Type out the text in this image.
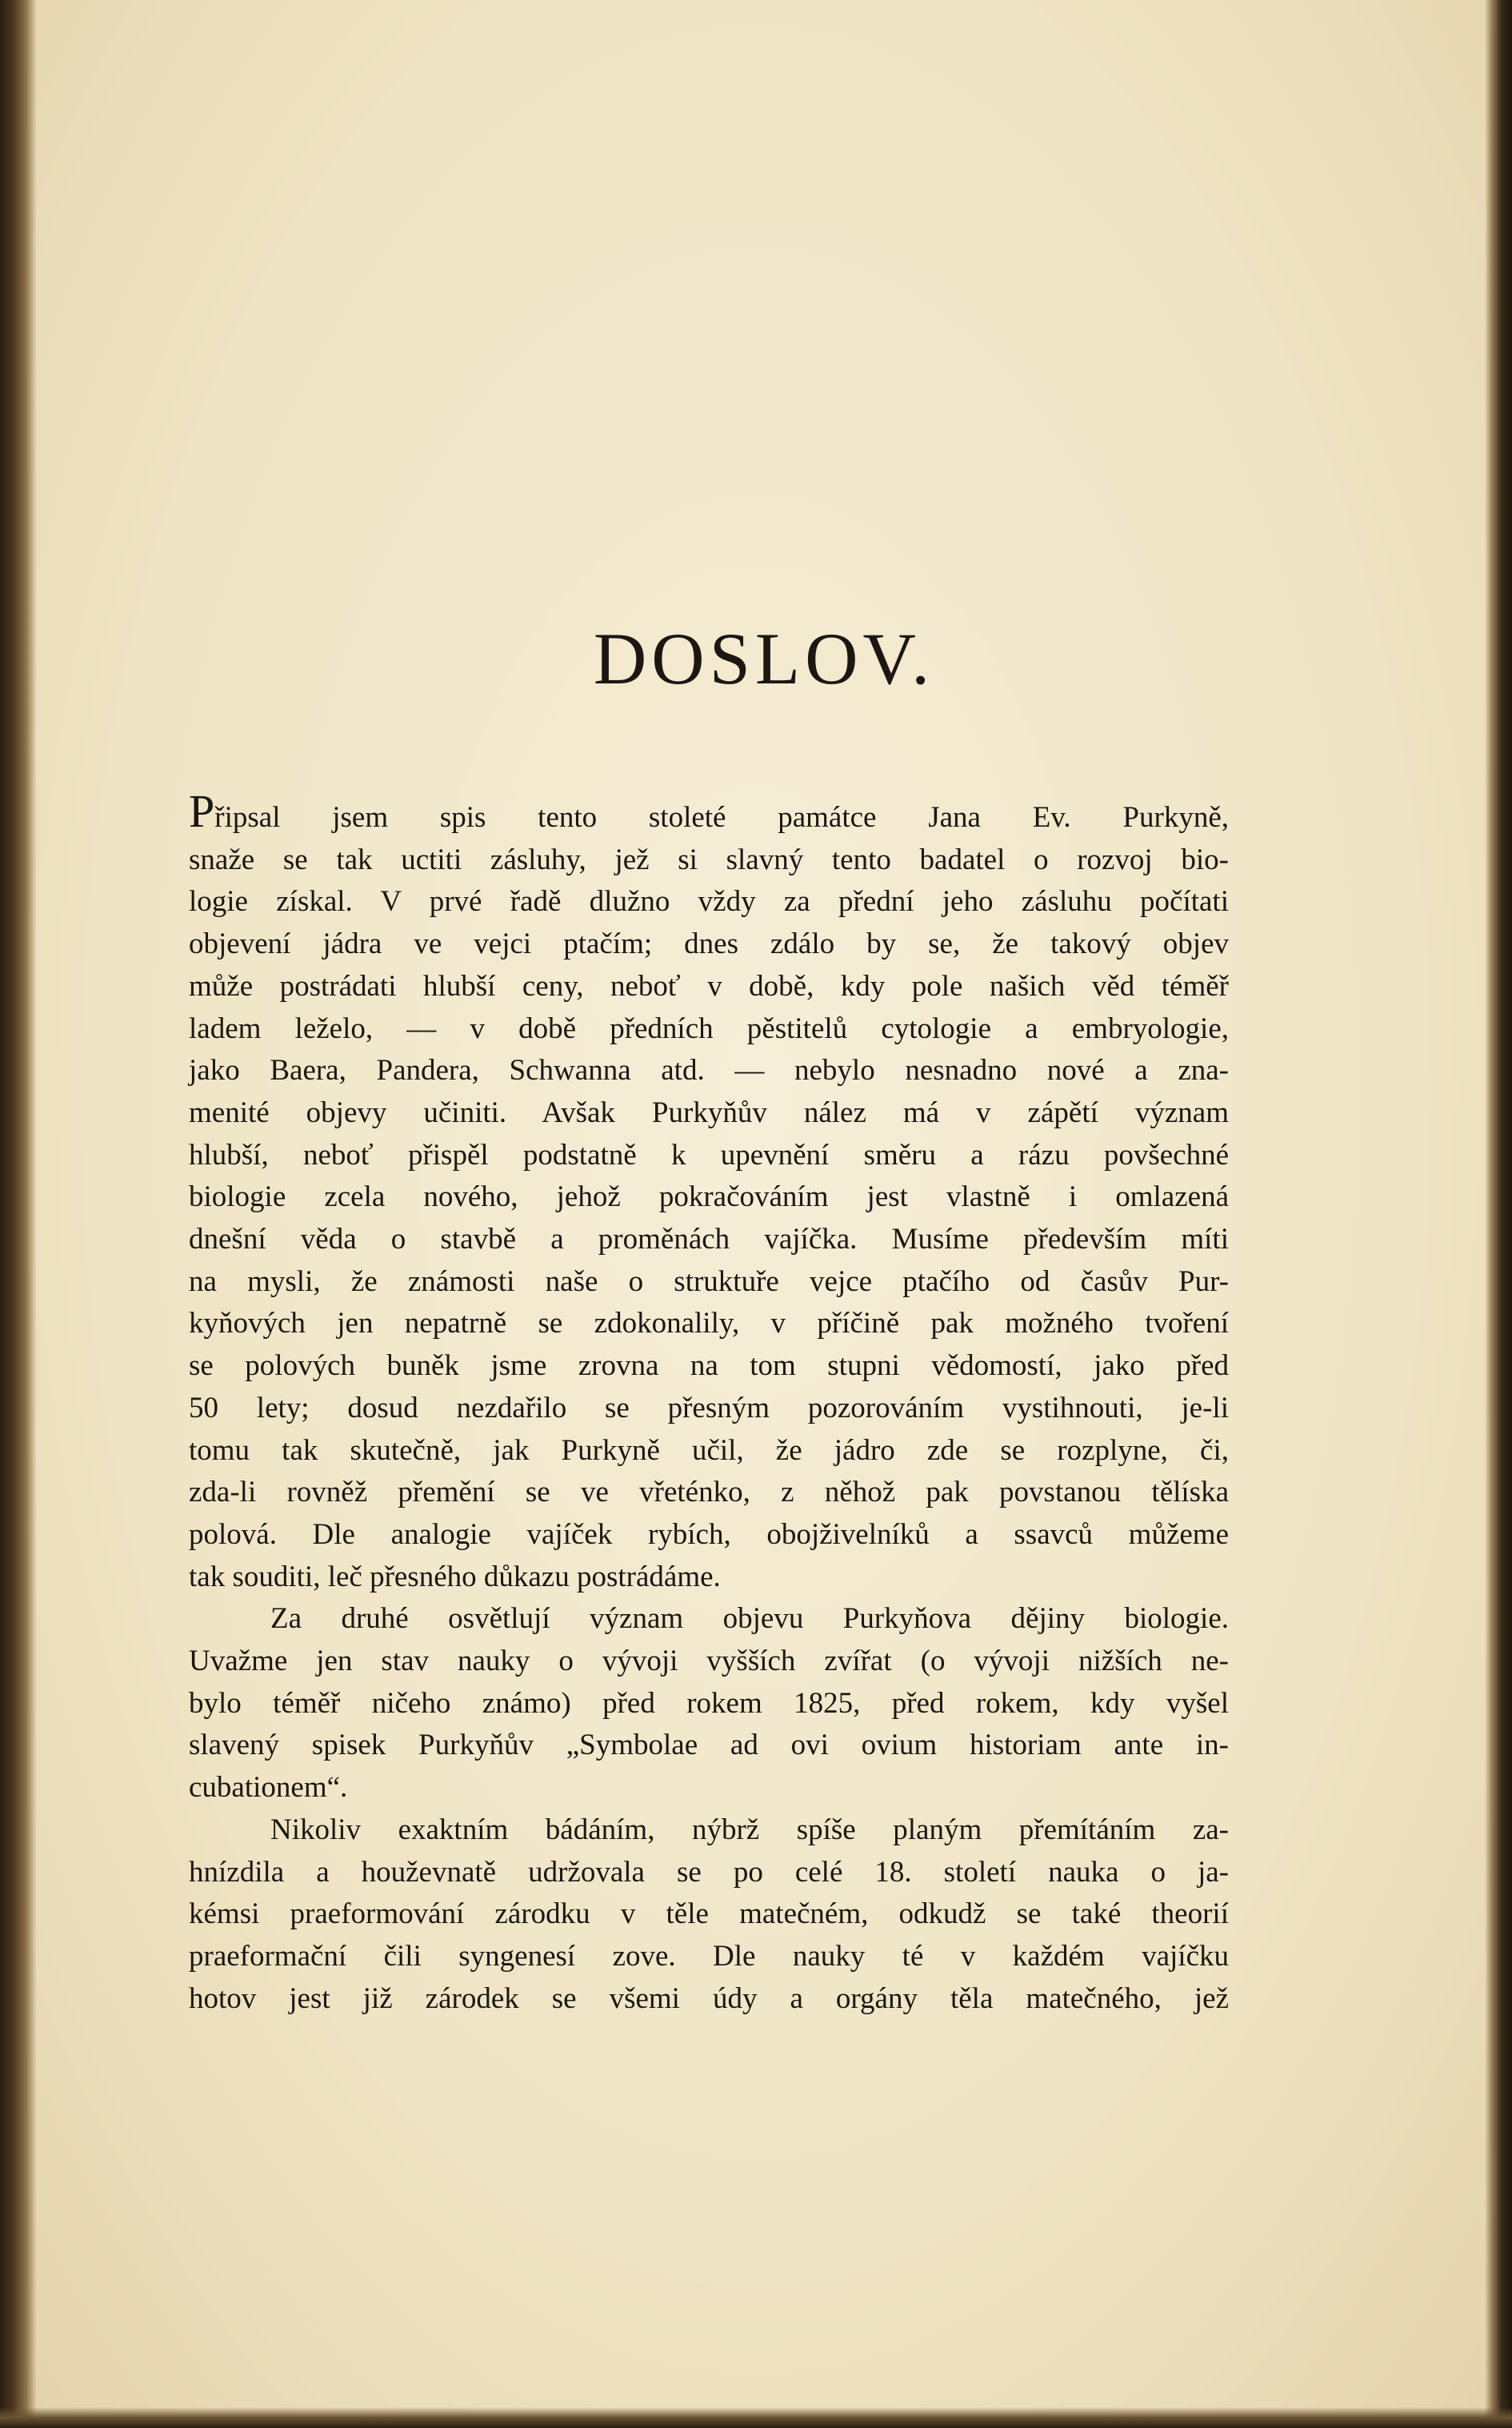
DOSLOV.

Připsal jsem spis tento stoleté památce Jana Ev. Purkyně,

snaže se tak uctiti zásluhy, jež si slavný tento badatel o rozvoj bio-

logie získal. V prvé řadě dlužno vždy za přední jeho zásluhu počítati

objevení jádra ve vejci ptačím; dnes zdálo by se, že takový objev

může postrádati hlubší ceny, neboť v době, kdy pole našich věd téměř

ladem leželo, — v době předních pěstitelů cytologie a embryologie,

jako Baera, Pandera, Schwanna atd. — nebylo nesnadno nové a zna-

menité objevy učiniti. Avšak Purkyňův nález má v zápětí význam

hlubší, neboť přispěl podstatně k upevnění směru a rázu povšechné

biologie zcela nového, jehož pokračováním jest vlastně i omlazená

dnešní věda o stavbě a proměnách vajíčka. Musíme především míti

na mysli, že známosti naše o struktuře vejce ptačího od časův Pur-

kyňových jen nepatrně se zdokonalily, v příčině pak možného tvoření

se polových buněk jsme zrovna na tom stupni vědomostí, jako před

50 lety; dosud nezdařilo se přesným pozorováním vystihnouti, je-li

tomu tak skutečně, jak Purkyně učil, že jádro zde se rozplyne, či,

zda-li rovněž přemění se ve vřeténko, z něhož pak povstanou tělíska

polová. Dle analogie vajíček rybích, obojživelníků a ssavců můžeme

tak souditi, leč přesného důkazu postrádáme.

Za druhé osvětlují význam objevu Purkyňova dějiny biologie.

Uvažme jen stav nauky o vývoji vyšších zvířat (o vývoji nižších ne-

bylo téměř ničeho známo) před rokem 1825, před rokem, kdy vyšel

slavený spisek Purkyňův „Symbolae ad ovi ovium historiam ante in-

cubationem“.

Nikoliv exaktním bádáním, nýbrž spíše planým přemítáním za-

hnízdila a houževnatě udržovala se po celé 18. století nauka o ja-

kémsi praeformování zárodku v těle matečném, odkudž se také theorií

praeformační čili syngenesí zove. Dle nauky té v každém vajíčku

hotov jest již zárodek se všemi údy a orgány těla matečného, jež
